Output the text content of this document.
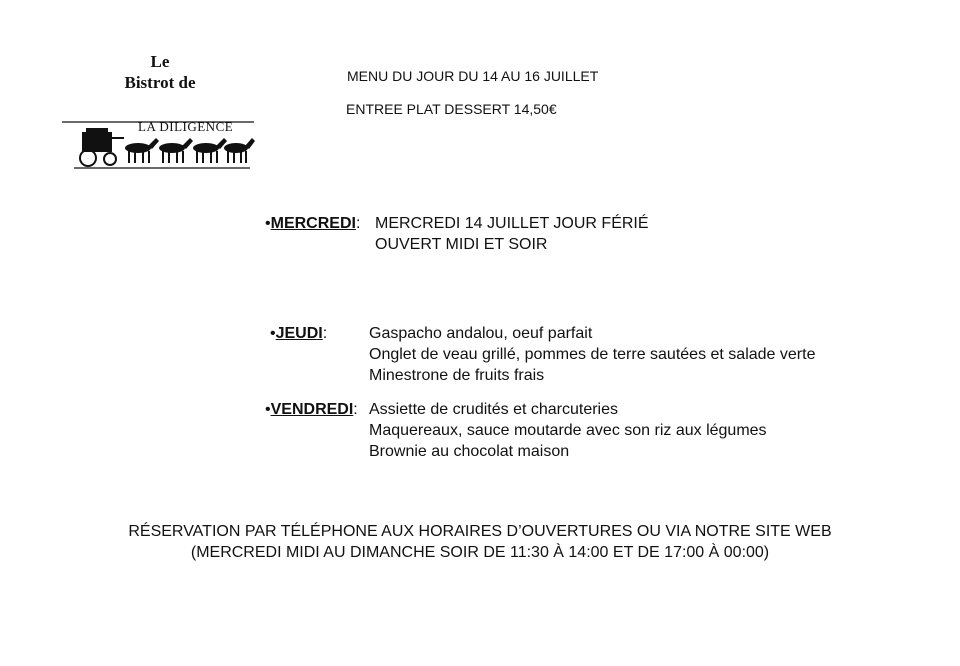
Le
Bistrot de
LA DILIGENCE
MENU DU JOUR DU 14 AU 16 JUILLET
ENTREE PLAT DESSERT 14,50€
•MERCREDI: MERCREDI 14 JUILLET JOUR FÉRIÉ
OUVERT MIDI ET SOIR
•JEUDI:	Gaspacho andalou, oeuf parfait
Onglet de veau grillé, pommes de terre sautées et salade verte
Minestrone de fruits frais
•VENDREDI: Assiette de crudités et charcuteries
Maquereaux, sauce moutarde avec son riz aux légumes
Brownie au chocolat maison
RÉSERVATION PAR TÉLÉPHONE AUX HORAIRES D’OUVERTURES OU VIA NOTRE SITE WEB
(MERCREDI MIDI AU DIMANCHE SOIR DE 11:30 À 14:00 ET DE 17:00 À 00:00)
